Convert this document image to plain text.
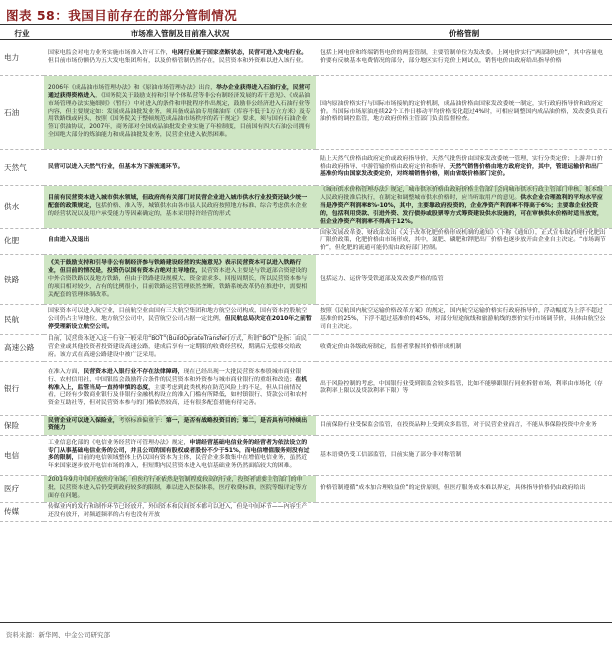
图表 58：我国目前存在的部分管制情况
行业	市场准入管制及目前准入状况	价格管制
电力	国家电监会对电力业务实施市场准入许可工作，电网行业属于国家垄断状态，民营可进入发电行业。但目前市场份额仍为五大发电集团所有，以及价格管制仍然存在，民营资本和外资难以进入该行业。	包括上网电价和终端销售电价的两套管制，主要管制单位为发改委。上网电价实行“两部制电价”，其中容量电价要有反映基本电费情况的部分，部分地区实行竞价上网试点，销售电价由政府给出指导价格
石油	2006年《成品油市场管理办法》和《原油市场管理办法》出台，举办企业获得进入石油行业，民营可通过获得资格进入，《国务院关于鼓励支持和引导个体私营等非公有制经济发展的若干意见》、《成品油市场管理办法实施细则》（暂行）中对进入的条件和审批程序作出规定，鼓励非公经济进入石油行业等内容，但主要规定如：发展成品油批发业务，须具备成品油专用储油库（库容不低于1万立方米）及专用铁路线或码头，按照《国务院关于整顿规范成品油市场秩序的若干规定》要求，须与国有石油企业签订供油协议，2007年，商务部对全国成品油批发企业实施了年检制度，目前国有四大石油公司拥有全国绝大部分的炼油能力和成品油批发业务，民营企业进入依然困难。	国内原油价格实行与国际市场接轨的定价机制，成品油价格由国家发改委统一制定，实行政府指导价和政府定价。当国际市场原油连续22个工作日移动平均价格变化超过4%时，可相应调整国内成品油价格，发改委负责石油价格的调控监管，地方政府价格主管部门负责监督检查。
天然气	民营可以进入天然气行业，但基本为下游流通环节。	陆上天然气价格由政府定价或政府指导价，天然气批售价由国家发改委统一管理，实行分类定价；上游井口价格由政府指导、中游管输价格由政府定价和指导，天然气销售价格由地方政府定价，其中，管道运输价和出厂基准价均由国家发改委定价，对终端销售价格，则由省级价格部门定价。
供水	目前有民营资本进入城市供水领域，但政府尚有关部门对民营企业进入城市供水行业投资还缺少统一配套的政策规定，包括价格、准入等，城镇供水由各市县人民政府按照地方标准、综合考虑供水企业的经营状况以及用户承受能力等因素确定的，基本采用特许经营的形式	《城市供水价格管理办法》规定，城市供水价格由政府价格主管部门会同城市供水行政主管部门审核，报本级人民政府批准后执行，在制定和调整城市供水价格时，应当听取用户的意见。供水企业合理盈利的平均水平应当是净资产利润率8%-10%，其中，主要靠政府投资的，企业净资产利润率不得高于6%；主要靠企业投资的，包括利用贷款、引进外资、发行债券或股票等方式筹资建设供水设施的，可在审核供水价格时适当放宽，但企业净资产利润率不得高于12%。
化肥	自由进入及退出	国家发展改革委、财政部发出《关于改革化肥价格形成机制的通知》（下称《通知》），正式宣布取消现行化肥出厂限价政策，化肥价格由市场形成，其中，氮肥、磷肥和钾肥出厂价格也逐步放开由企业自主决定。“市场调节价”，但化肥的流通可能仍需由政府部门控制。
铁路	《关于鼓励支持和引导非公有制经济参与铁路建设经营的实施意见》表示民营资本可以进入铁路行业，但目前的情况是，投资仍以国有资本占绝对主导地位，民营资本进入主要是与铁道部合资建设的中外合资铁路以及地方铁路，但由于铁路建设规模大、资金需求多、回报周期长，所以民营资本参与的项目相对较少，占有的比例很小，目前铁路运营管理依然垄断，铁路系统改革仍在推进中，需要相关配套的管理体制改革。	包括运力、运价等受铁道部及发改委严格的监管
民航	国家资本可以进入航空业，目前航空业由国有三大航空集团和地方航空公司构成，国有资本控股航空公司仍占主导地位，地方航空公司中，民营航空公司占据一定比例，但民航总局决定在2010年之前暂停受理新设立航空公司。	按照《民航国内航空运输价格改革方案》的规定，国内航空运输价格实行政府指导价，浮动幅度为上浮不超过基准价的25%，下浮不超过基准价的45%，对部分短途航线和旅游航线的票价实行市场调节价，具体由航空公司自主决定。
高速公路	目前，民营资本进入这一行业一般采用“BOT”(BuildOprateTransfer)方式，所谓“BOT”是指：由民营企业或其他投资者投资建设高速公路，建成后享有一定期限的收费经营权，期满后无偿移交给政府。该方式在高速公路建设中被广泛采用。	收费定价由各级政府制定，监督者掌握其价格形成机制
银行	在准入方面，民营资本进入银行业不存在法律障碍，现在已经出现一大批民营资本参股城市商业银行、农村信用社，中国银监会鼓励符合条件的民营资本和外资参与城市商业银行的重组和改造；在机构准入上，监管当局一直持审慎的态度，主要考虑到此类机构在防范风险上的不足，但从目前情况看，已经有少数商业银行及非银行金融机构设立的准入门槛有所降低，如村镇银行、贷款公司和农村资金互助社等，但对民营资本参与的门槛依然较高，还有很多配套措施有待完善。	出于风险控制的考虑，中国银行业受到银监会较多监管，比如不能够跟银行同业拆借市场，利率由市场化（存款利率上限以及贷款利率下限）等
保险	民营企业可以进入保险业，考察标准偏重于：第一，是否有战略投资目的；第二，是否具有可持续出资能力	目前保险行业受保监会监管，在投资品种上受到众多监管，对于民营企业而言，不能从事保险投资中介业务
电信	工业信息化部的《电信业务经营许可管理办法》规定，申请经营基础电信业务的经营者为依法设立的专门从事基础电信业务的公司，并且公司的国有股权或者股份不少于51%，而电信增值服务则没有过多的限制，目前的电信领域整体上仍以国有资本为主体，民营企业多数集中在增值电信业务，虽然近年来国家逐步放开电信市场的准入，但短期内民营资本进入电信基础业务仍然面临较大的困难。	基本语费仍受工信部监管，目前实施了部分非对称管制
医疗	2001年9月中国开放医疗市场，但医疗行业依然是管制程度较高的行业，投资者需要主管部门的审批，民营资本进入后仍受到政府较多的限制，难以进入医保体系，医疗收费标准，医院等级评定等方面存在问题。	价格管制遵循“成本加合理收益价”的定价原则，但医疗服务成本难以界定，具体指导价格仍由政府给出
传媒	传媒业内的发行和制作环节已经放开，外国资本和民间资本都可以进入，但是中间环节——内容生产还没有放开，对频道频率的占有也没有开放	
资料来源：新华网、中金公司研究部
